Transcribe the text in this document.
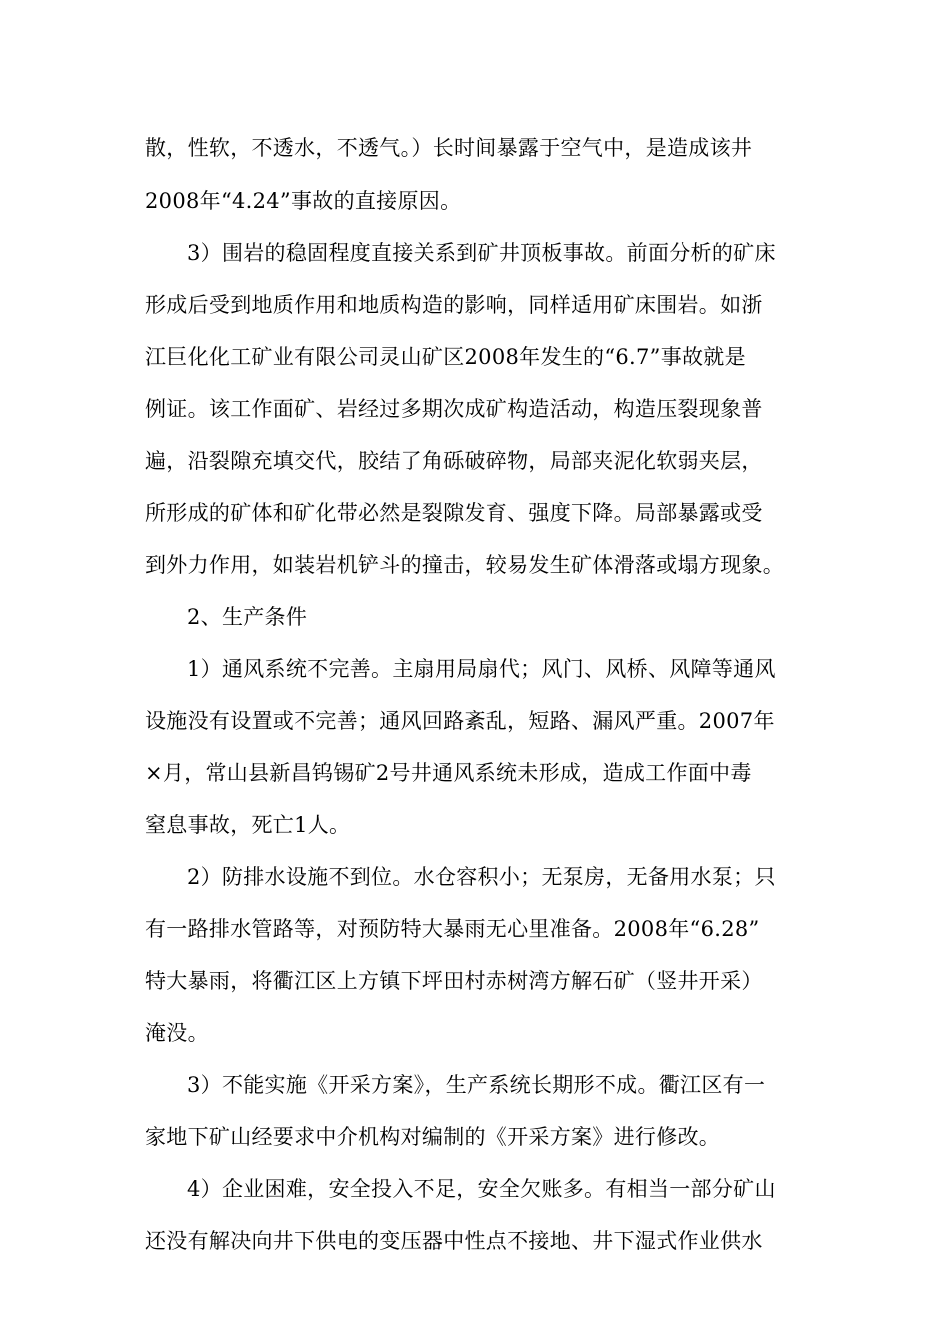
散，性软，不透水，不透气。）长时间暴露于空气中，是造成该井
2008年“4.24”事故的直接原因。
3）围岩的稳固程度直接关系到矿井顶板事故。前面分析的矿床
形成后受到地质作用和地质构造的影响，同样适用矿床围岩。如浙
江巨化化工矿业有限公司灵山矿区2008年发生的“6.7”事故就是
例证。该工作面矿、岩经过多期次成矿构造活动，构造压裂现象普
遍，沿裂隙充填交代，胶结了角砾破碎物，局部夹泥化软弱夹层，
所形成的矿体和矿化带必然是裂隙发育、强度下降。局部暴露或受
到外力作用，如装岩机铲斗的撞击，较易发生矿体滑落或塌方现象。
2、生产条件
1）通风系统不完善。主扇用局扇代；风门、风桥、风障等通风
设施没有设置或不完善；通风回路紊乱，短路、漏风严重。2007年
×月，常山县新昌钨锡矿2号井通风系统未形成，造成工作面中毒
窒息事故，死亡1人。
2）防排水设施不到位。水仓容积小；无泵房，无备用水泵；只
有一路排水管路等，对预防特大暴雨无心里准备。2008年“6.28”
特大暴雨，将衢江区上方镇下坪田村赤树湾方解石矿（竖井开采）
淹没。
3）不能实施《开采方案》，生产系统长期形不成。衢江区有一
家地下矿山经要求中介机构对编制的《开采方案》进行修改。
4）企业困难，安全投入不足，安全欠账多。有相当一部分矿山
还没有解决向井下供电的变压器中性点不接地、井下湿式作业供水
